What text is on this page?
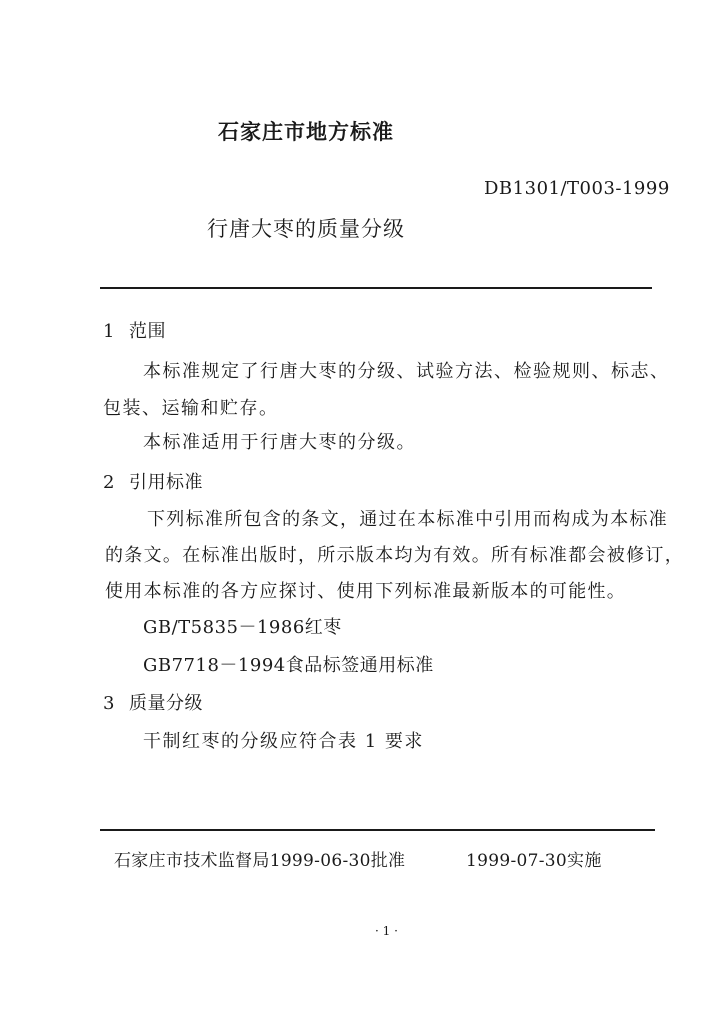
石家庄市地方标准
DB1301/T003-1999
行唐大枣的质量分级
1 范围
本标准规定了行唐大枣的分级、试验方法、检验规则、标志、
包装、运输和贮存。
本标准适用于行唐大枣的分级。
2 引用标准
下列标准所包含的条文，通过在本标准中引用而构成为本标准
的条文。在标准出版时，所示版本均为有效。所有标准都会被修订，
使用本标准的各方应探讨、使用下列标准最新版本的可能性。
GB/T5835－1986红枣
GB7718－1994食品标签通用标准
3 质量分级
干制红枣的分级应符合表 1 要求
石家庄市技术监督局1999-06-30批准	1999-07-30实施
· 1 ·
